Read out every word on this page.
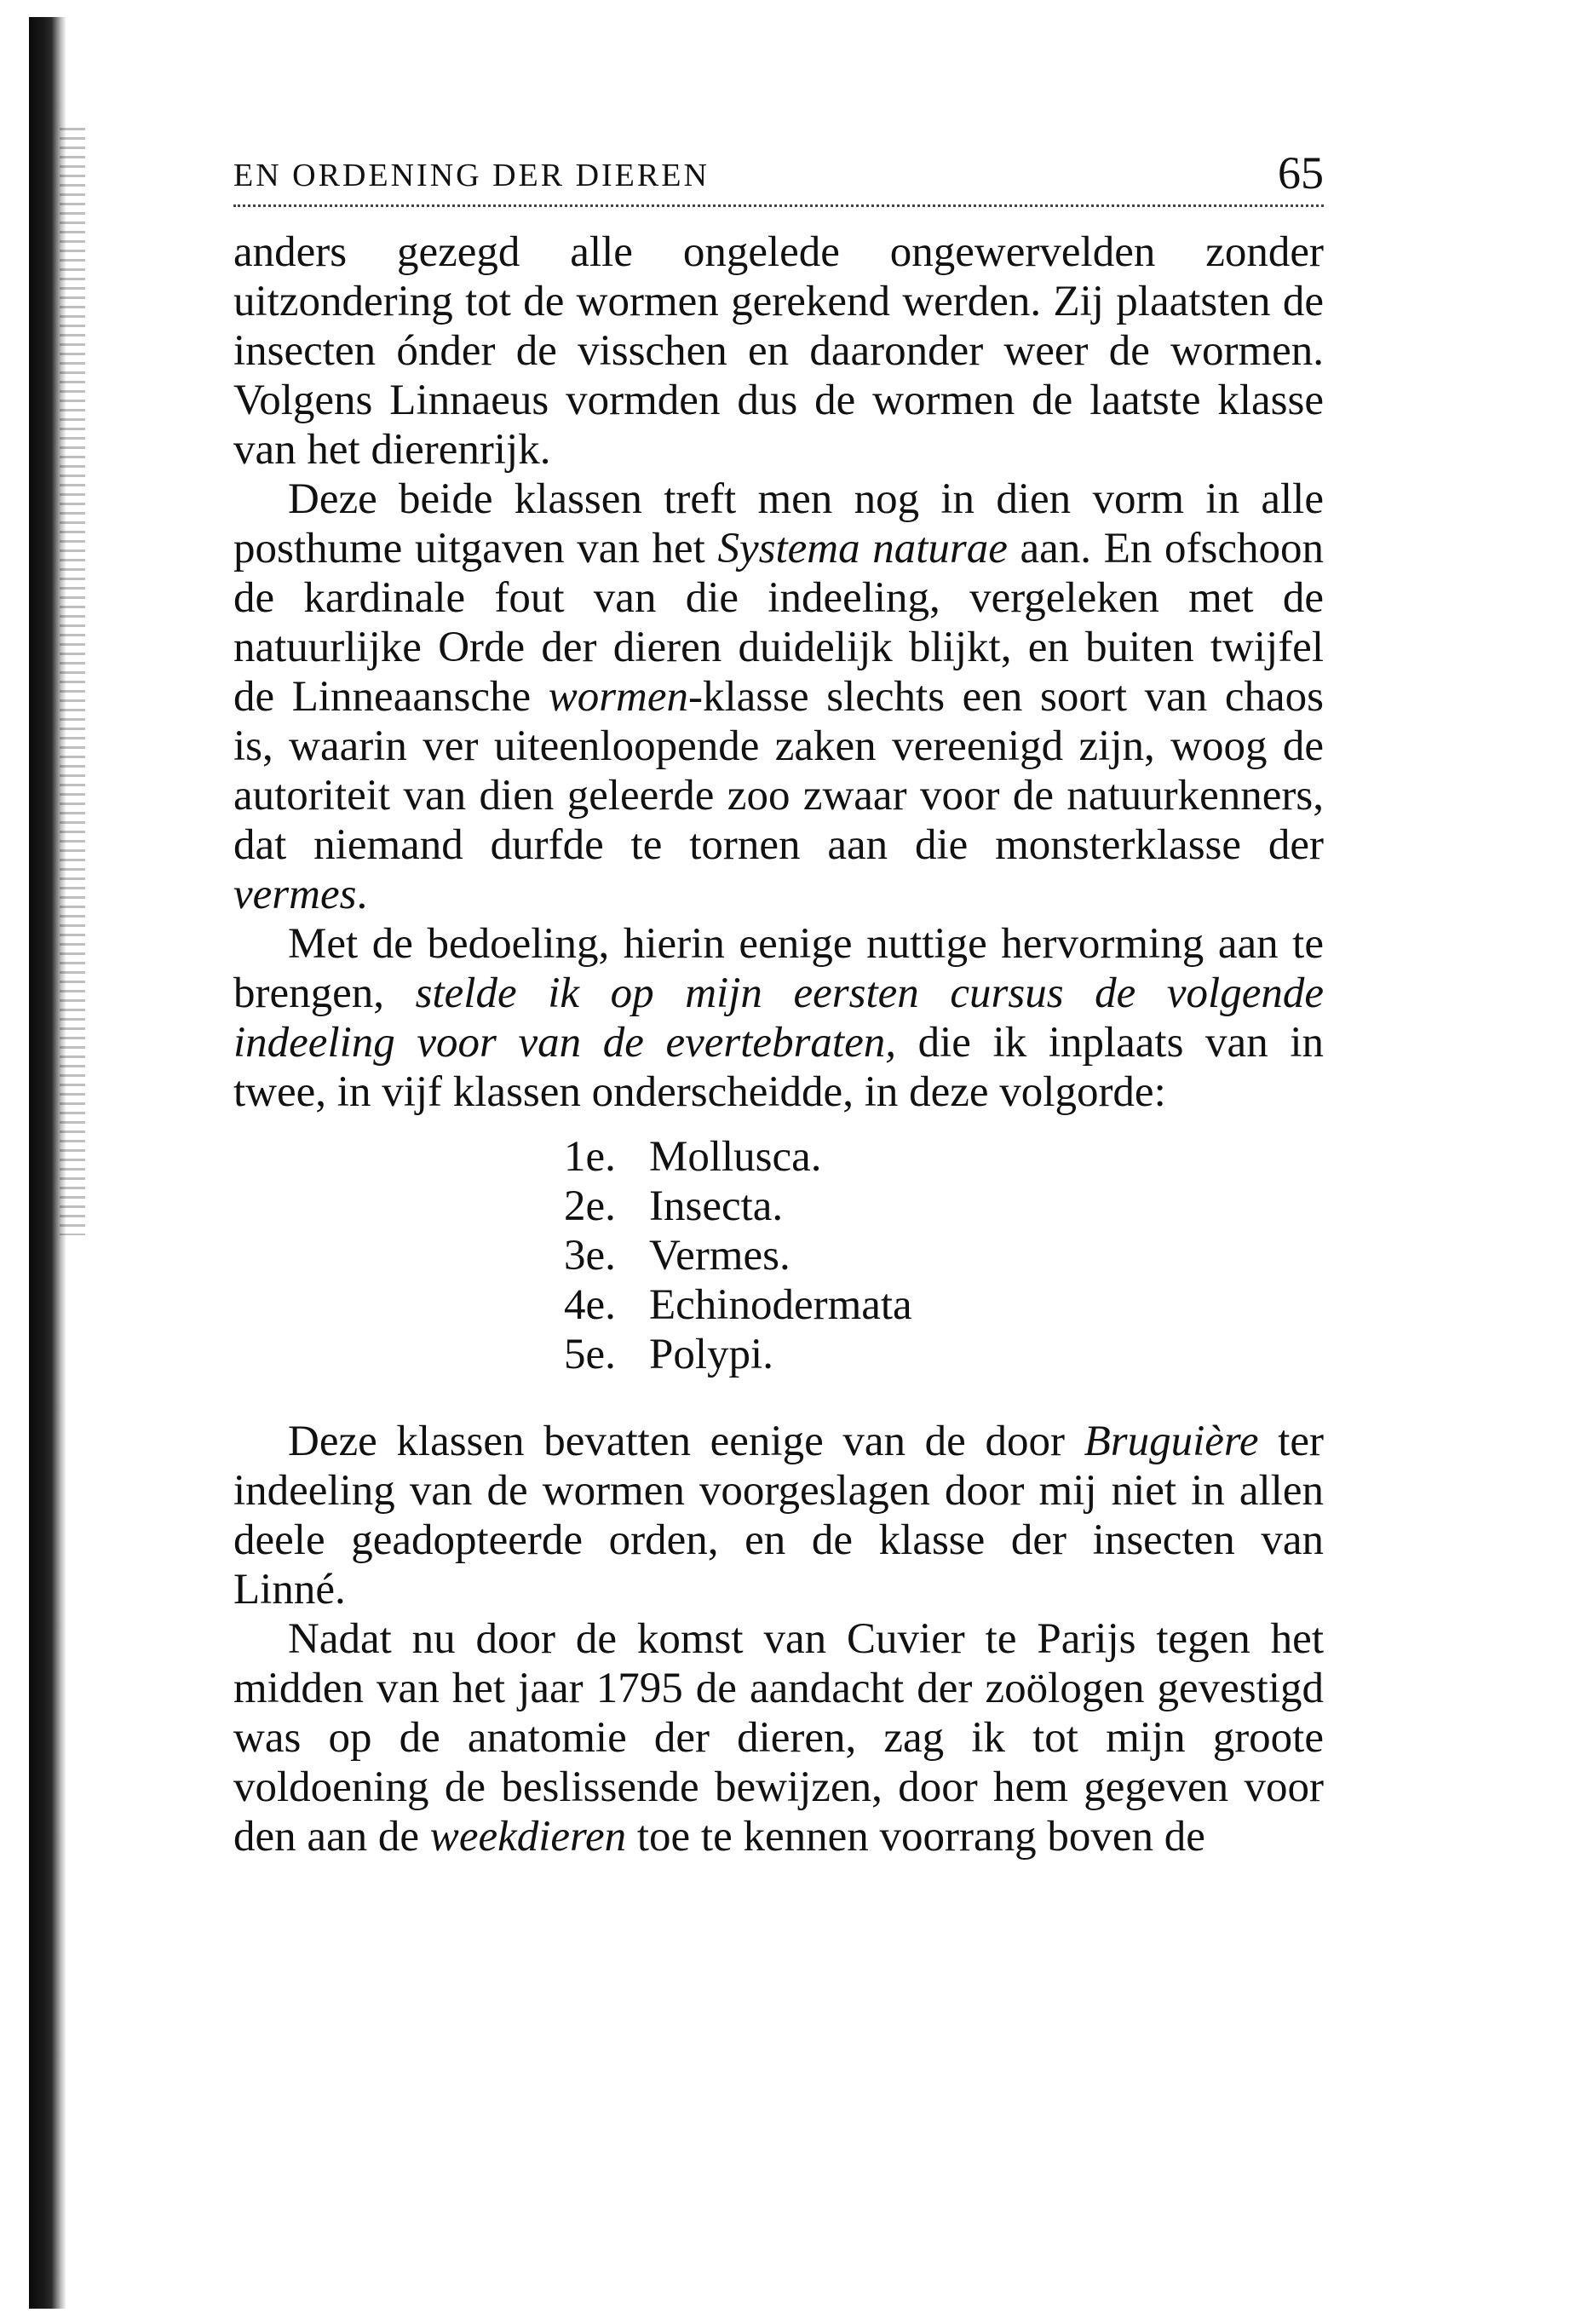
EN ORDENING DER DIEREN	65

anders gezegd alle ongelede ongewervelden zonder uitzondering tot de wormen gerekend werden. Zij plaatsten de insecten ónder de visschen en daaronder weer de wormen. Volgens Linnaeus vormden dus de wormen de laatste klasse van het dierenrijk.

Deze beide klassen treft men nog in dien vorm in alle posthume uitgaven van het Systema naturae aan. En ofschoon de kardinale fout van die indeeling, vergeleken met de natuurlijke Orde der dieren duidelijk blijkt, en buiten twijfel de Linneaansche wormen-klasse slechts een soort van chaos is, waarin ver uiteenloopende zaken vereenigd zijn, woog de autoriteit van dien geleerde zoo zwaar voor de natuurkenners, dat niemand durfde te tornen aan die monsterklasse der vermes.

Met de bedoeling, hierin eenige nuttige hervorming aan te brengen, stelde ik op mijn eersten cursus de volgende indeeling voor van de evertebraten, die ik inplaats van in twee, in vijf klassen onderscheidde, in deze volgorde:

1e. Mollusca.
2e. Insecta.
3e. Vermes.
4e. Echinodermata
5e. Polypi.

Deze klassen bevatten eenige van de door Bruguière ter indeeling van de wormen voorgeslagen door mij niet in allen deele geadopteerde orden, en de klasse der insecten van Linné.

Nadat nu door de komst van Cuvier te Parijs tegen het midden van het jaar 1795 de aandacht der zoölogen gevestigd was op de anatomie der dieren, zag ik tot mijn groote voldoening de beslissende bewijzen, door hem gegeven voor den aan de weekdieren toe te kennen voorrang boven de
